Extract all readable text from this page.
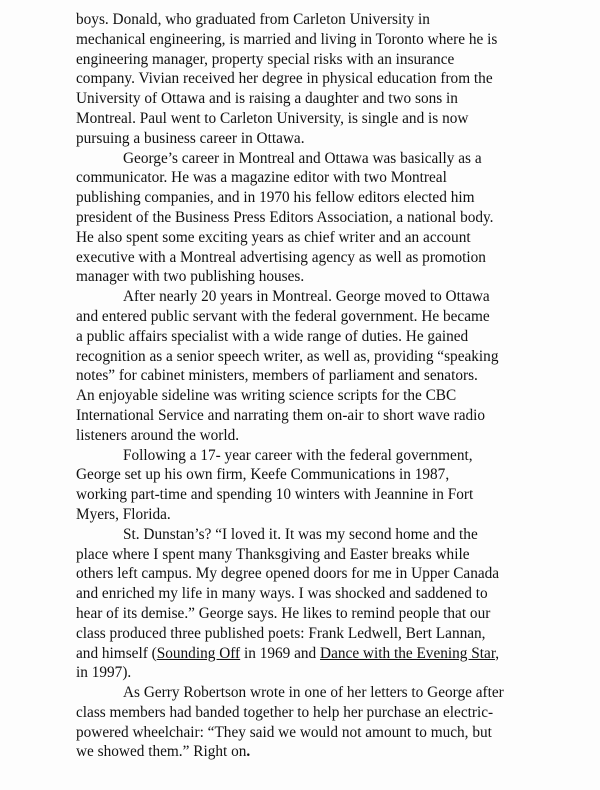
boys. Donald, who graduated from Carleton University in
mechanical engineering, is married and living in Toronto where he is
engineering manager, property special risks with an insurance
company. Vivian received her degree in physical education from the
University of Ottawa and is raising a daughter and two sons in
Montreal. Paul went to Carleton University, is single and is now
pursuing a business career in Ottawa.
George’s career in Montreal and Ottawa was basically as a
communicator. He was a magazine editor with two Montreal
publishing companies, and in 1970 his fellow editors elected him
president of the Business Press Editors Association, a national body.
He also spent some exciting years as chief writer and an account
executive with a Montreal advertising agency as well as promotion
manager with two publishing houses.
After nearly 20 years in Montreal. George moved to Ottawa
and entered public servant with the federal government. He became
a public affairs specialist with a wide range of duties. He gained
recognition as a senior speech writer, as well as, providing “speaking
notes” for cabinet ministers, members of parliament and senators.
An enjoyable sideline was writing science scripts for the CBC
International Service and narrating them on-air to short wave radio
listeners around the world.
Following a 17- year career with the federal government,
George set up his own firm, Keefe Communications in 1987,
working part-time and spending 10 winters with Jeannine in Fort
Myers, Florida.
St. Dunstan’s? “I loved it. It was my second home and the
place where I spent many Thanksgiving and Easter breaks while
others left campus. My degree opened doors for me in Upper Canada
and enriched my life in many ways. I was shocked and saddened to
hear of its demise.” George says. He likes to remind people that our
class produced three published poets: Frank Ledwell, Bert Lannan,
and himself (Sounding Off in 1969 and Dance with the Evening Star,
in 1997).
As Gerry Robertson wrote in one of her letters to George after
class members had banded together to help her purchase an electric-
powered wheelchair: “They said we would not amount to much, but
we showed them.” Right on.
